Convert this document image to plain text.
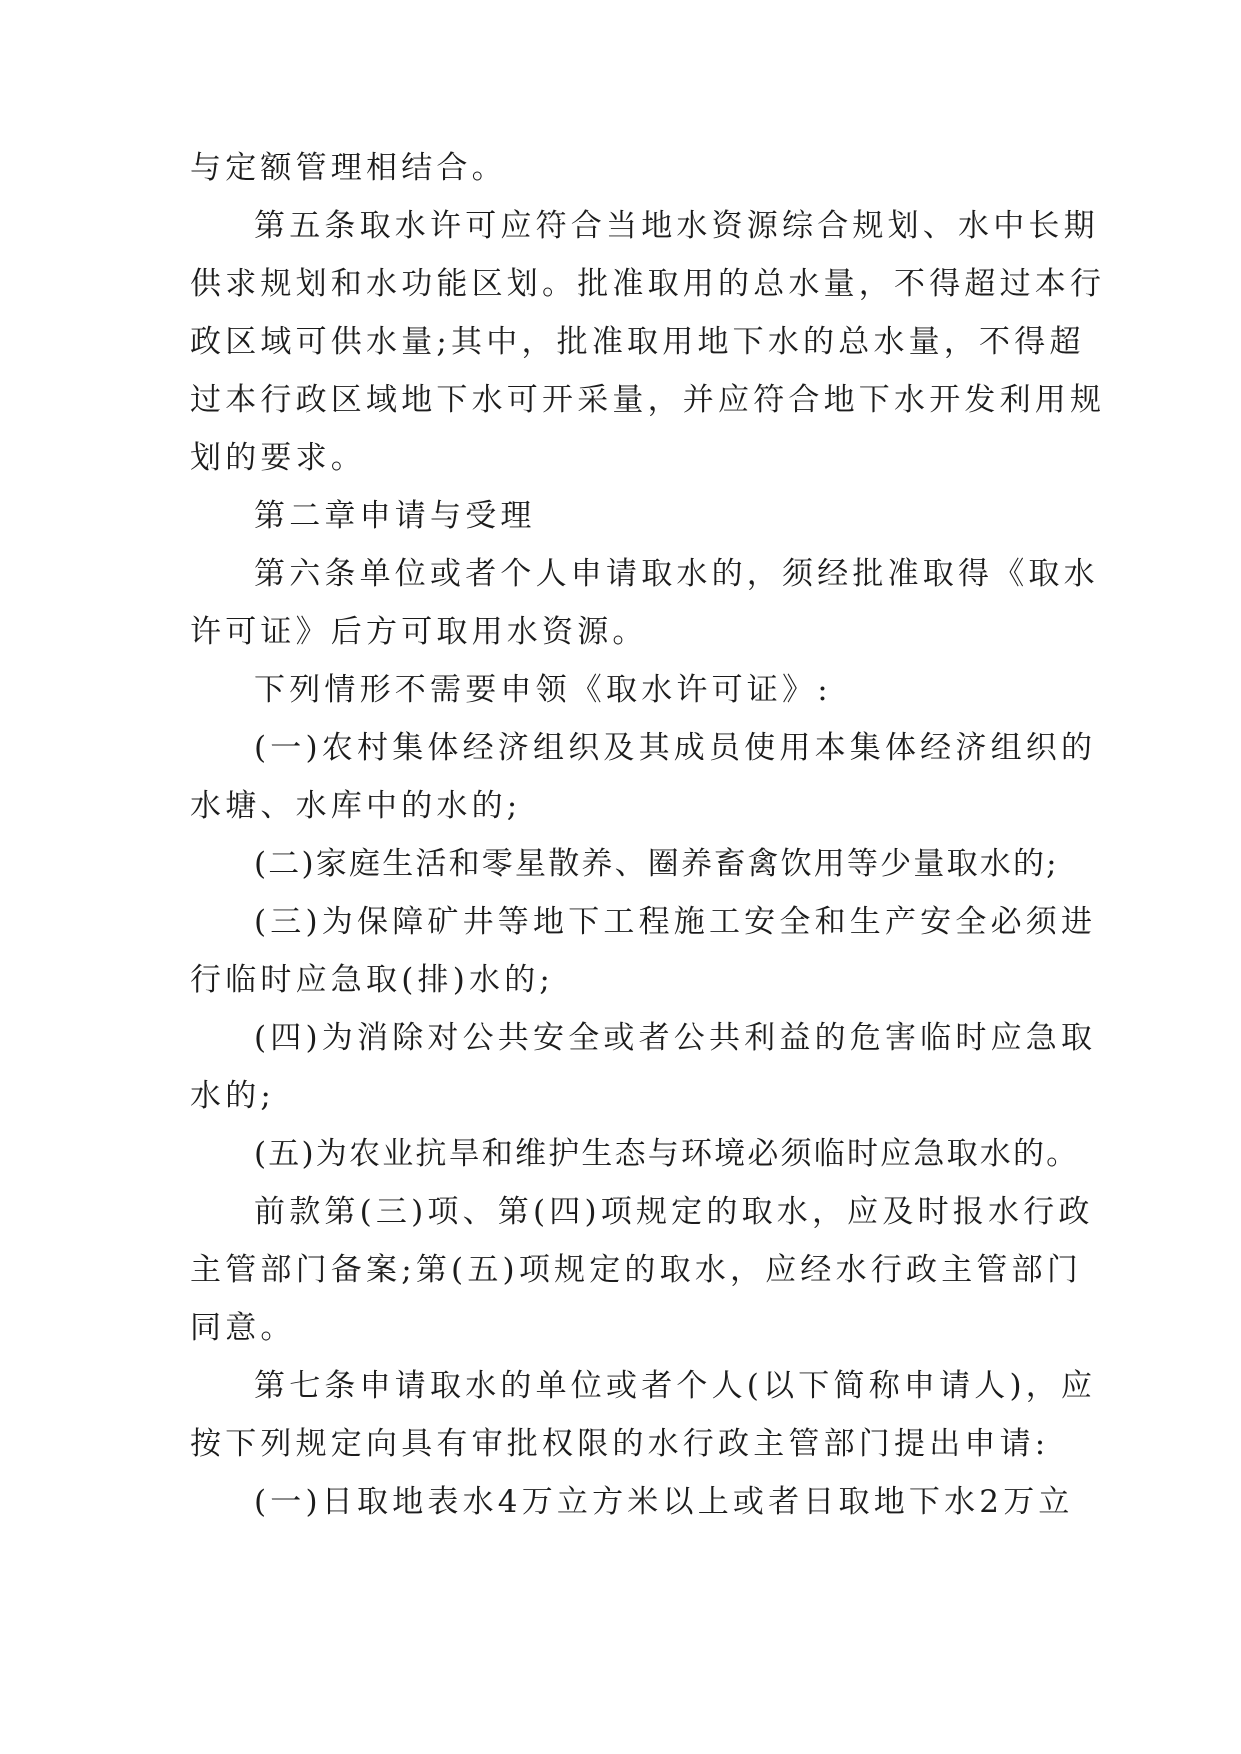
与定额管理相结合。
第五条取水许可应符合当地水资源综合规划、水中长期
供求规划和水功能区划。批准取用的总水量，不得超过本行
政区域可供水量;其中，批准取用地下水的总水量，不得超
过本行政区域地下水可开采量，并应符合地下水开发利用规
划的要求。
第二章申请与受理
第六条单位或者个人申请取水的，须经批准取得《取水
许可证》后方可取用水资源。
下列情形不需要申领《取水许可证》:
(一)农村集体经济组织及其成员使用本集体经济组织的
水塘、水库中的水的;
(二)家庭生活和零星散养、圈养畜禽饮用等少量取水的;
(三)为保障矿井等地下工程施工安全和生产安全必须进
行临时应急取(排)水的;
(四)为消除对公共安全或者公共利益的危害临时应急取
水的;
(五)为农业抗旱和维护生态与环境必须临时应急取水的。
前款第(三)项、第(四)项规定的取水，应及时报水行政
主管部门备案;第(五)项规定的取水，应经水行政主管部门
同意。
第七条申请取水的单位或者个人(以下简称申请人)，应
按下列规定向具有审批权限的水行政主管部门提出申请:
(一)日取地表水4万立方米以上或者日取地下水2万立
